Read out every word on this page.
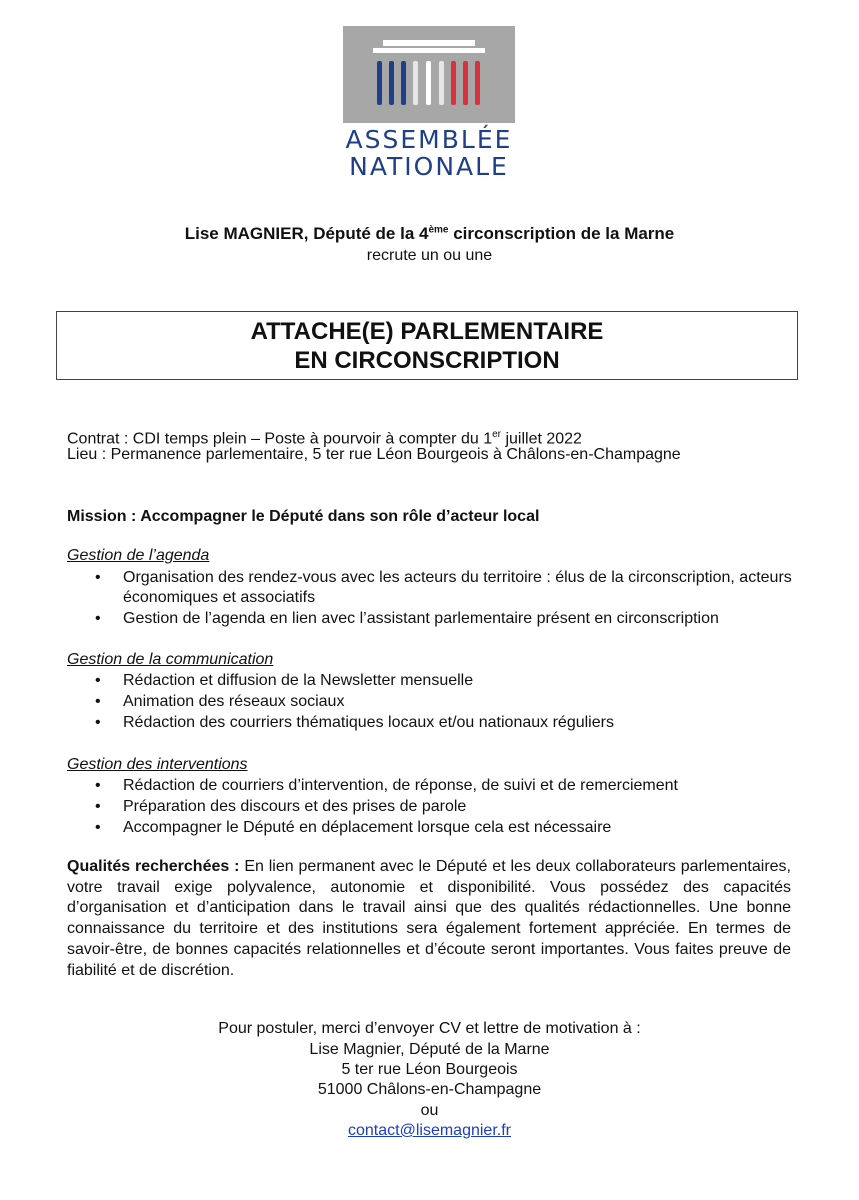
ASSEMBLÉE
NATIONALE
Lise MAGNIER, Député de la 4ème circonscription de la Marne
recrute un ou une
ATTACHE(E) PARLEMENTAIRE
EN CIRCONSCRIPTION
Contrat : CDI temps plein – Poste à pourvoir à compter du 1er juillet 2022
Lieu : Permanence parlementaire, 5 ter rue Léon Bourgeois à Châlons-en-Champagne
Mission : Accompagner le Député dans son rôle d’acteur local
Gestion de l’agenda
• Organisation des rendez-vous avec les acteurs du territoire : élus de la circonscription, acteurs économiques et associatifs
• Gestion de l’agenda en lien avec l’assistant parlementaire présent en circonscription
Gestion de la communication
• Rédaction et diffusion de la Newsletter mensuelle
• Animation des réseaux sociaux
• Rédaction des courriers thématiques locaux et/ou nationaux réguliers
Gestion des interventions
• Rédaction de courriers d’intervention, de réponse, de suivi et de remerciement
• Préparation des discours et des prises de parole
• Accompagner le Député en déplacement lorsque cela est nécessaire
Qualités recherchées : En lien permanent avec le Député et les deux collaborateurs parlementaires, votre travail exige polyvalence, autonomie et disponibilité. Vous possédez des capacités d’organisation et d’anticipation dans le travail ainsi que des qualités rédactionnelles. Une bonne connaissance du territoire et des institutions sera également fortement appréciée. En termes de savoir-être, de bonnes capacités relationnelles et d’écoute seront importantes. Vous faites preuve de fiabilité et de discrétion.
Pour postuler, merci d’envoyer CV et lettre de motivation à :
Lise Magnier, Député de la Marne
5 ter rue Léon Bourgeois
51000 Châlons-en-Champagne
ou
contact@lisemagnier.fr
